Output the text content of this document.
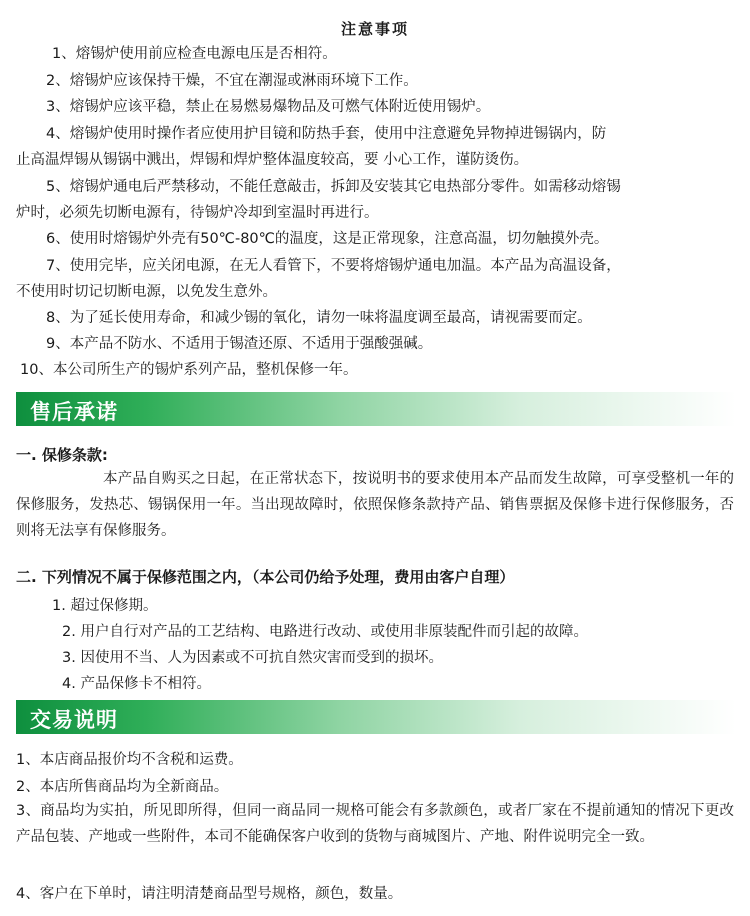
注意事项
1、熔锡炉使用前应检查电源电压是否相符。
2、熔锡炉应该保持干燥，不宜在潮湿或淋雨环境下工作。
3、熔锡炉应该平稳，禁止在易燃易爆物品及可燃气体附近使用锡炉。
4、熔锡炉使用时操作者应使用护目镜和防热手套，使用中注意避免异物掉进锡锅内，防
止高温焊锡从锡锅中溅出，焊锡和焊炉整体温度较高，要 小心工作，谨防烫伤。
5、熔锡炉通电后严禁移动，不能任意敲击，拆卸及安装其它电热部分零件。如需移动熔锡
炉时，必须先切断电源有，待锡炉冷却到室温时再进行。
6、使用时熔锡炉外壳有50℃-80℃的温度，这是正常现象，注意高温，切勿触摸外壳。
7、使用完毕，应关闭电源，在无人看管下，不要将熔锡炉通电加温。本产品为高温设备，
不使用时切记切断电源，以免发生意外。
8、为了延长使用寿命，和减少锡的氧化，请勿一味将温度调至最高，请视需要而定。
9、本产品不防水、不适用于锡渣还原、不适用于强酸强碱。
10、本公司所生产的锡炉系列产品，整机保修一年。
售后承诺
一. 保修条款:
本产品自购买之日起，在正常状态下，按说明书的要求使用本产品而发生故障，可享受整机一年的保修服务，发热芯、锡锅保用一年。当出现故障时，依照保修条款持产品、销售票据及保修卡进行保修服务，否则将无法享有保修服务。
二. 下列情况不属于保修范围之内，（本公司仍给予处理，费用由客户自理）
1. 超过保修期。
2. 用户自行对产品的工艺结构、电路进行改动、或使用非原装配件而引起的故障。
3. 因使用不当、人为因素或不可抗自然灾害而受到的损坏。
4. 产品保修卡不相符。
交易说明
1、本店商品报价均不含税和运费。
2、本店所售商品均为全新商品。
3、商品均为实拍，所见即所得，但同一商品同一规格可能会有多款颜色，或者厂家在不提前通知的情况下更改产品包装、产地或一些附件，本司不能确保客户收到的货物与商城图片、产地、附件说明完全一致。
4、客户在下单时，请注明清楚商品型号规格，颜色，数量。
